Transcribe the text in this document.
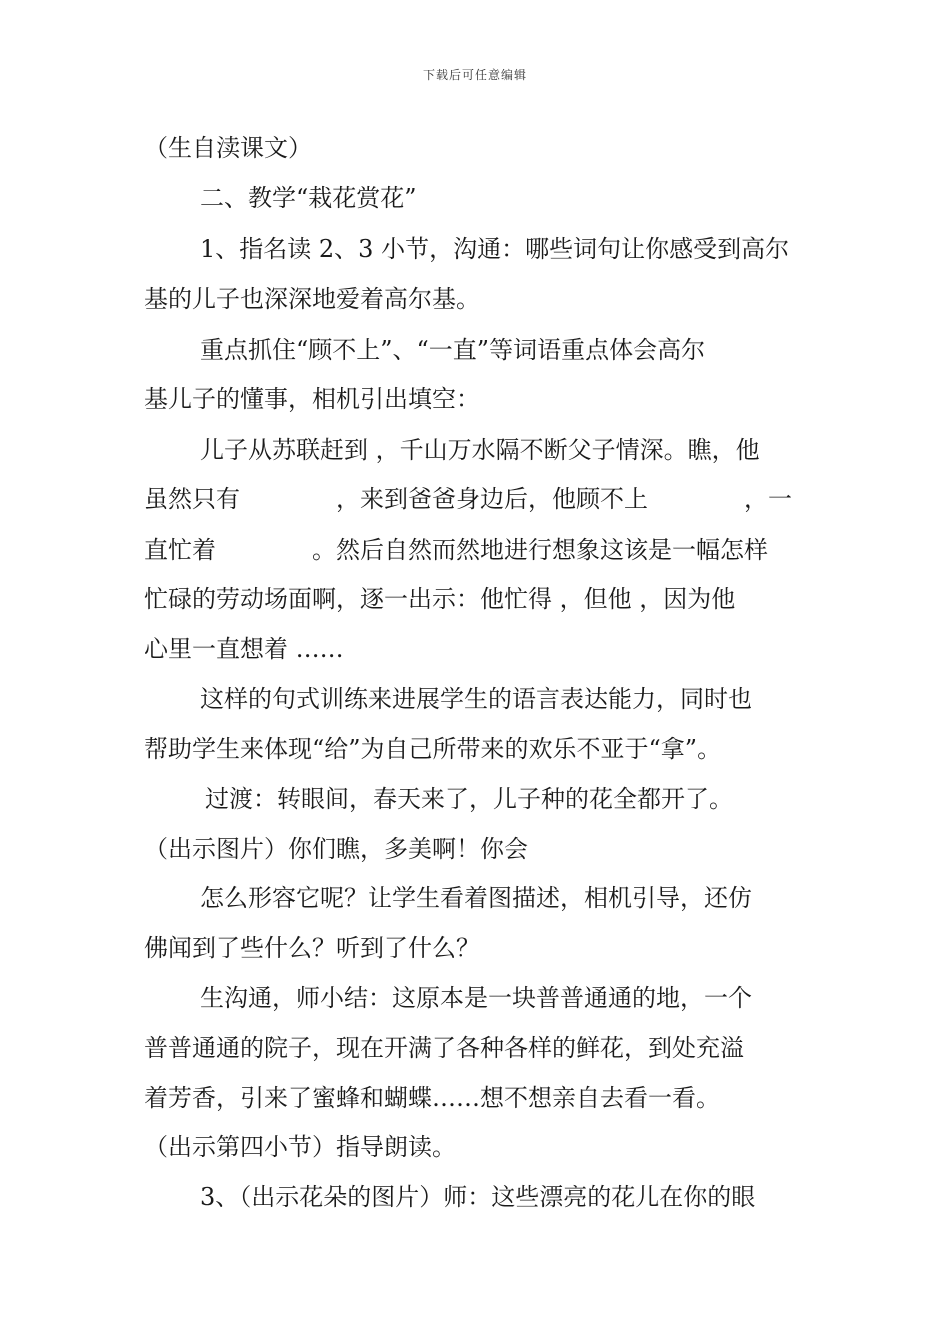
下载后可任意编辑
（生自渎课文）
二、教学“栽花赏花”
1、指名读 2、3 小节，沟通：哪些词句让你感受到高尔
基的儿子也深深地爱着高尔基。
重点抓住“顾不上”、“一直”等词语重点体会高尔
基儿子的懂事，相机引出填空：
儿子从苏联赶到 ，千山万水隔不断父子情深。瞧，他
虽然只有　　　　，来到爸爸身边后，他顾不上　　　　，一
直忙着　　　　。然后自然而然地进行想象这该是一幅怎样
忙碌的劳动场面啊，逐一出示：他忙得 ，但他 ，因为他
心里一直想着 ……
这样的句式训练来进展学生的语言表达能力，同时也
帮助学生来体现“给”为自己所带来的欢乐不亚于“拿”。
过渡：转眼间，春天来了，儿子种的花全都开了。
（出示图片）你们瞧，多美啊！你会
怎么形容它呢？让学生看着图描述，相机引导，还仿
佛闻到了些什么？听到了什么？
生沟通，师小结：这原本是一块普普通通的地，一个
普普通通的院子，现在开满了各种各样的鲜花，到处充溢
着芳香，引来了蜜蜂和蝴蝶……想不想亲自去看一看。
（出示第四小节）指导朗读。
3、（出示花朵的图片）师：这些漂亮的花儿在你的眼
